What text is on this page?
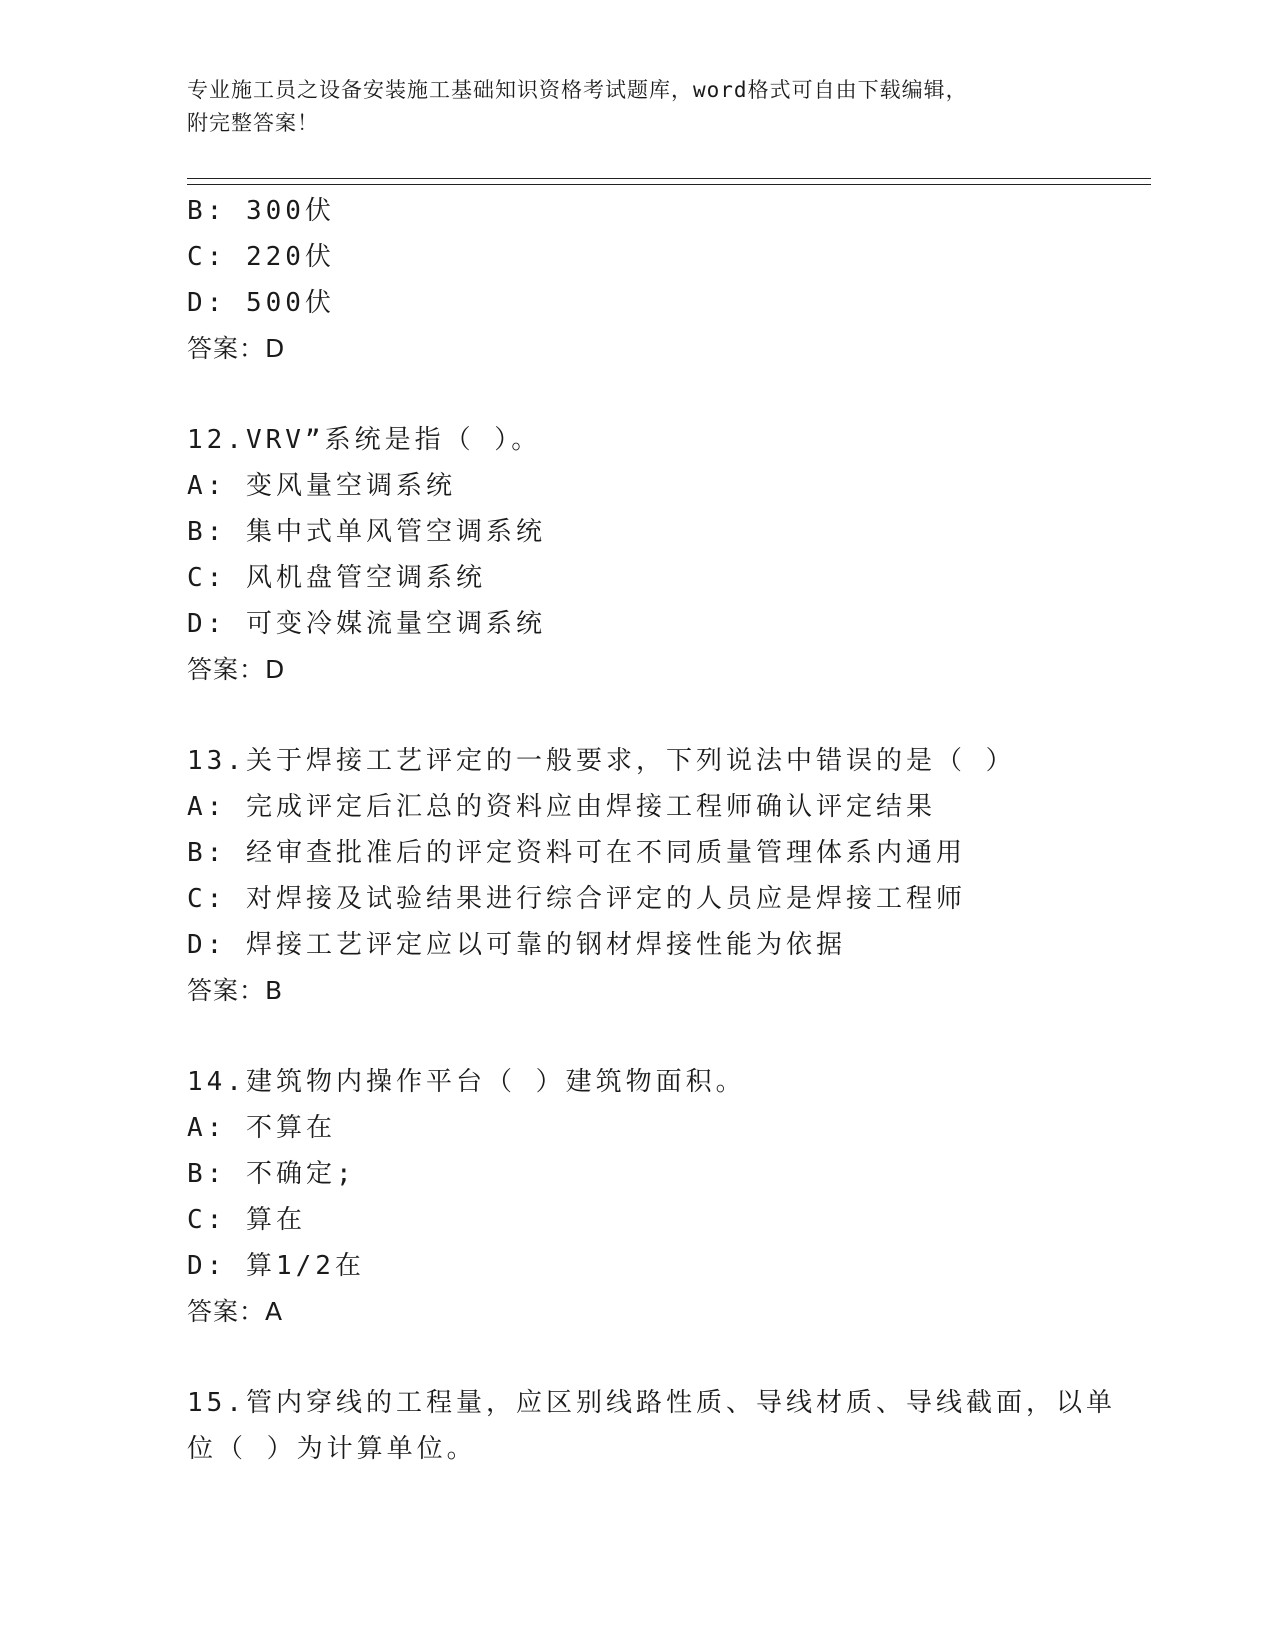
专业施工员之设备安装施工基础知识资格考试题库，word格式可自由下载编辑，
附完整答案！
B: 300伏
C: 220伏
D: 500伏
答案：D
12.VRV”系统是指（ ）。
A: 变风量空调系统
B: 集中式单风管空调系统
C: 风机盘管空调系统
D: 可变冷媒流量空调系统
答案：D
13.关于焊接工艺评定的一般要求，下列说法中错误的是（ ）
A: 完成评定后汇总的资料应由焊接工程师确认评定结果
B: 经审查批准后的评定资料可在不同质量管理体系内通用
C: 对焊接及试验结果进行综合评定的人员应是焊接工程师
D: 焊接工艺评定应以可靠的钢材焊接性能为依据
答案：B
14.建筑物内操作平台（ ）建筑物面积。
A: 不算在
B: 不确定;
C: 算在
D: 算1/2在
答案：A
15.管内穿线的工程量，应区别线路性质、导线材质、导线截面，以单
位（ ）为计算单位。
